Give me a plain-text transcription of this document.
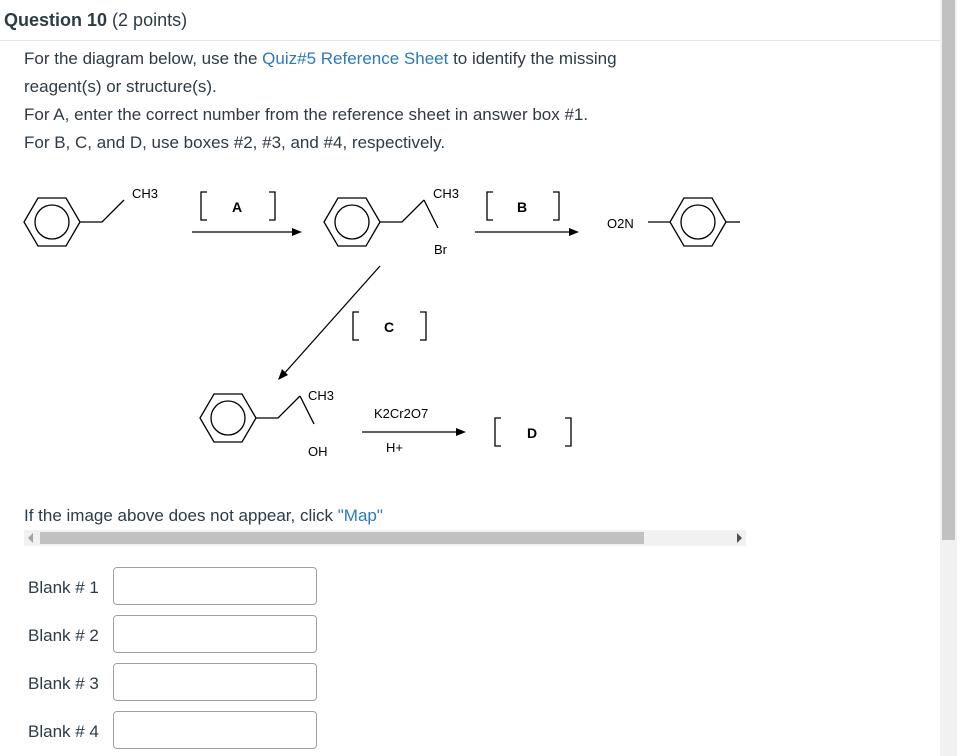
Question 10 (2 points)
For the diagram below, use the Quiz#5 Reference Sheet to identify the missing
reagent(s) or structure(s).
For A, enter the correct number from the reference sheet in answer box #1.
For B, C, and D, use boxes #2, #3, and #4, respectively.
CH3	CH3
Br
CH3
OH
O2N
K2Cr2O7
H+
A	B
C
D
If the image above does not appear, click "Map"
Blank # 1
Blank # 2
Blank # 3
Blank # 4
